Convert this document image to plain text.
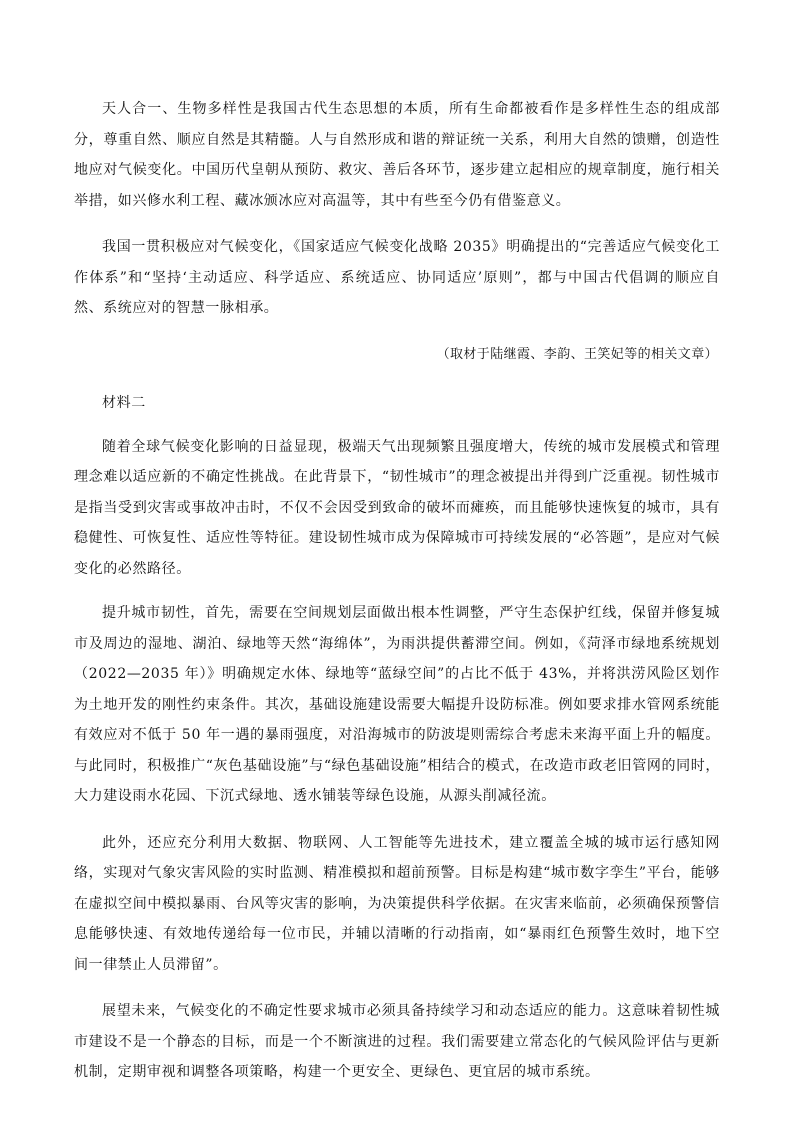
天人合一、生物多样性是我国古代生态思想的本质，所有生命都被看作是多样性生态的组成部分，尊重自然、顺应自然是其精髓。人与自然形成和谐的辩证统一关系，利用大自然的馈赠，创造性地应对气候变化。中国历代皇朝从预防、救灾、善后各环节，逐步建立起相应的规章制度，施行相关举措，如兴修水利工程、藏冰颁冰应对高温等，其中有些至今仍有借鉴意义。

我国一贯积极应对气候变化，《国家适应气候变化战略 2035》明确提出的“完善适应气候变化工作体系”和“坚持‘主动适应、科学适应、系统适应、协同适应’原则”，都与中国古代倡调的顺应自然、系统应对的智慧一脉相承。

（取材于陆继霞、李韵、王笑妃等的相关文章）

材料二

随着全球气候变化影响的日益显现，极端天气出现频繁且强度增大，传统的城市发展模式和管理理念难以适应新的不确定性挑战。在此背景下，“韧性城市”的理念被提出并得到广泛重视。韧性城市是指当受到灾害或事故冲击时，不仅不会因受到致命的破坏而瘫痪，而且能够快速恢复的城市，具有稳健性、可恢复性、适应性等特征。建设韧性城市成为保障城市可持续发展的“必答题”，是应对气候变化的必然路径。

提升城市韧性，首先，需要在空间规划层面做出根本性调整，严守生态保护红线，保留并修复城市及周边的湿地、湖泊、绿地等天然“海绵体”，为雨洪提供蓄滞空间。例如，《菏泽市绿地系统规划（2022—2035 年）》明确规定水体、绿地等“蓝绿空间”的占比不低于 43%，并将洪涝风险区划作为土地开发的刚性约束条件。其次，基础设施建设需要大幅提升设防标准。例如要求排水管网系统能有效应对不低于 50 年一遇的暴雨强度，对沿海城市的防波堤则需综合考虑未来海平面上升的幅度。与此同时，积极推广“灰色基础设施”与“绿色基础设施”相结合的模式，在改造市政老旧管网的同时，大力建设雨水花园、下沉式绿地、透水铺装等绿色设施，从源头削减径流。

此外，还应充分利用大数据、物联网、人工智能等先进技术，建立覆盖全城的城市运行感知网络，实现对气象灾害风险的实时监测、精准模拟和超前预警。目标是构建“城市数字孪生”平台，能够在虚拟空间中模拟暴雨、台风等灾害的影响，为决策提供科学依据。在灾害来临前，必须确保预警信息能够快速、有效地传递给每一位市民，并辅以清晰的行动指南，如“暴雨红色预警生效时，地下空间一律禁止人员滞留”。

展望未来，气候变化的不确定性要求城市必须具备持续学习和动态适应的能力。这意味着韧性城市建设不是一个静态的目标，而是一个不断演进的过程。我们需要建立常态化的气候风险评估与更新机制，定期审视和调整各项策略，构建一个更安全、更绿色、更宜居的城市系统。
